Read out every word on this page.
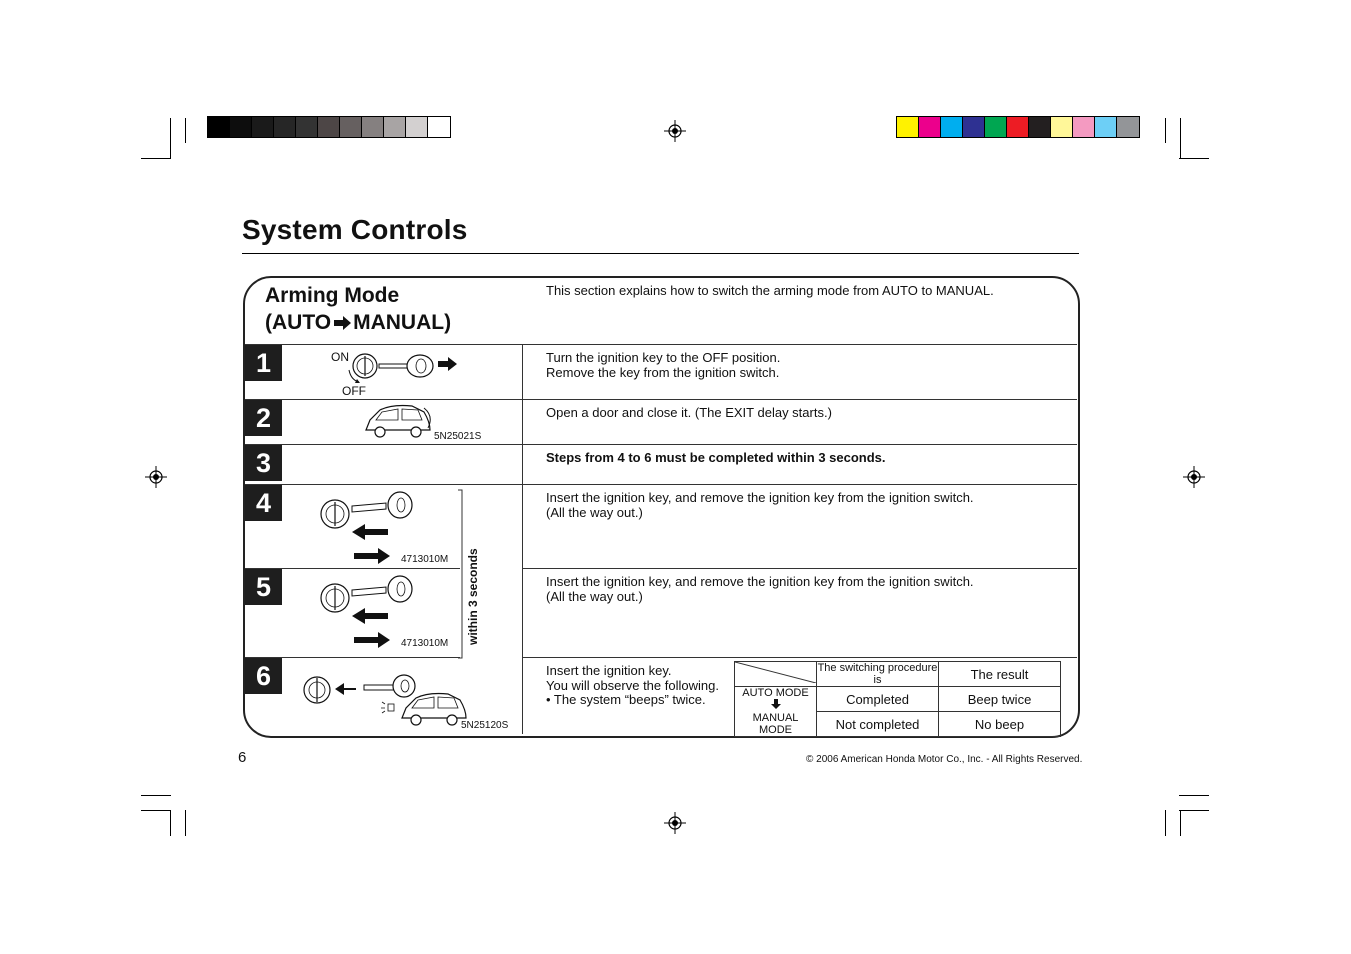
System Controls
Arming Mode
(AUTO MANUAL)
This section explains how to switch the arming mode from AUTO to MANUAL.
within 3 seconds
1
2
3
4
5
6
Turn the ignition key to the OFF position.
Remove the key from the ignition switch.
Open a door and close it. (The EXIT delay starts.)
Steps from 4 to 6 must be completed within 3 seconds.
Insert the ignition key, and remove the ignition key from the ignition switch.
(All the way out.)
Insert the ignition key, and remove the ignition key from the ignition switch.
(All the way out.)
Insert the ignition key.
You will observe the following.
• The system “beeps” twice.
ON
OFF
5N25021S
4713010M
4713010M
5N25120S
	The switching procedure is	The result

AUTO MODE
MANUAL MODE	Completed	Beep twice
	Not completed	No beep
6	© 2006 American Honda Motor Co., Inc. - All Rights Reserved.
